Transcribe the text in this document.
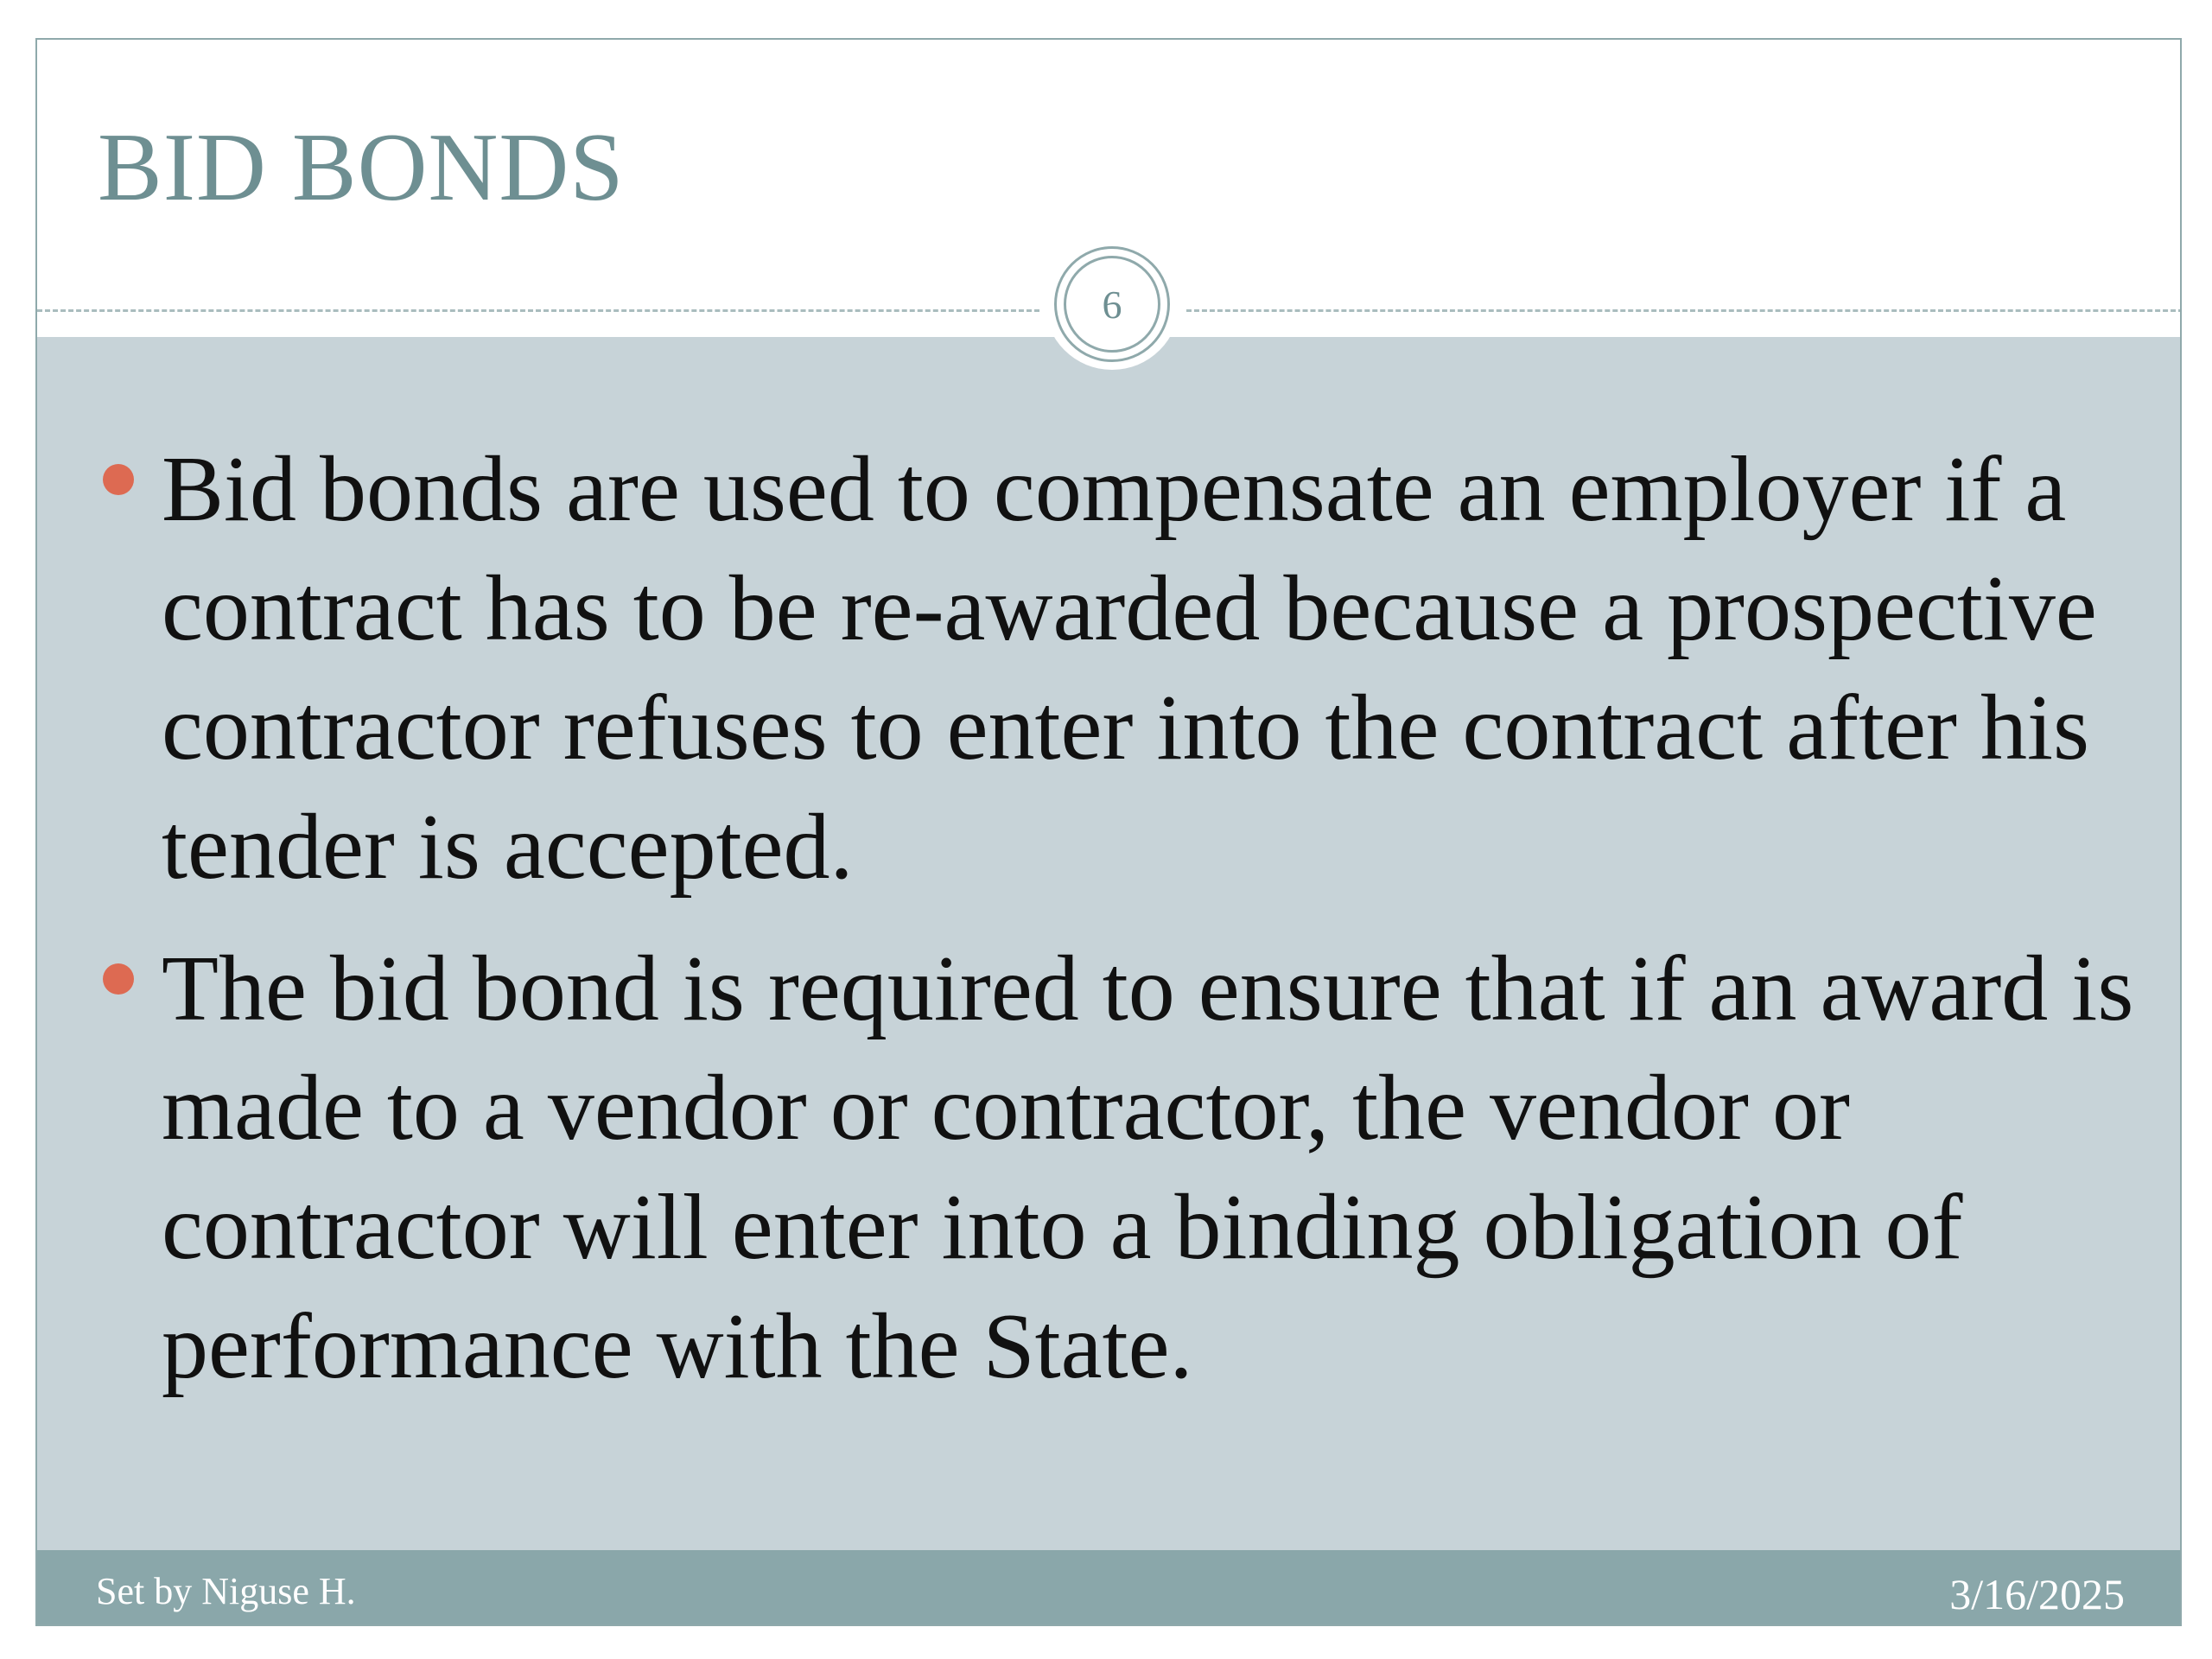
BID BONDS
Bid bonds are used to compensate an employer if a contract has to be re-awarded because a prospective contractor refuses to enter into the contract after his tender is accepted.
The bid bond is required to ensure that if an award is made to a vendor or contractor, the vendor or contractor will enter into a binding obligation of performance with the State.
6
Set by Niguse H.	3/16/2025
